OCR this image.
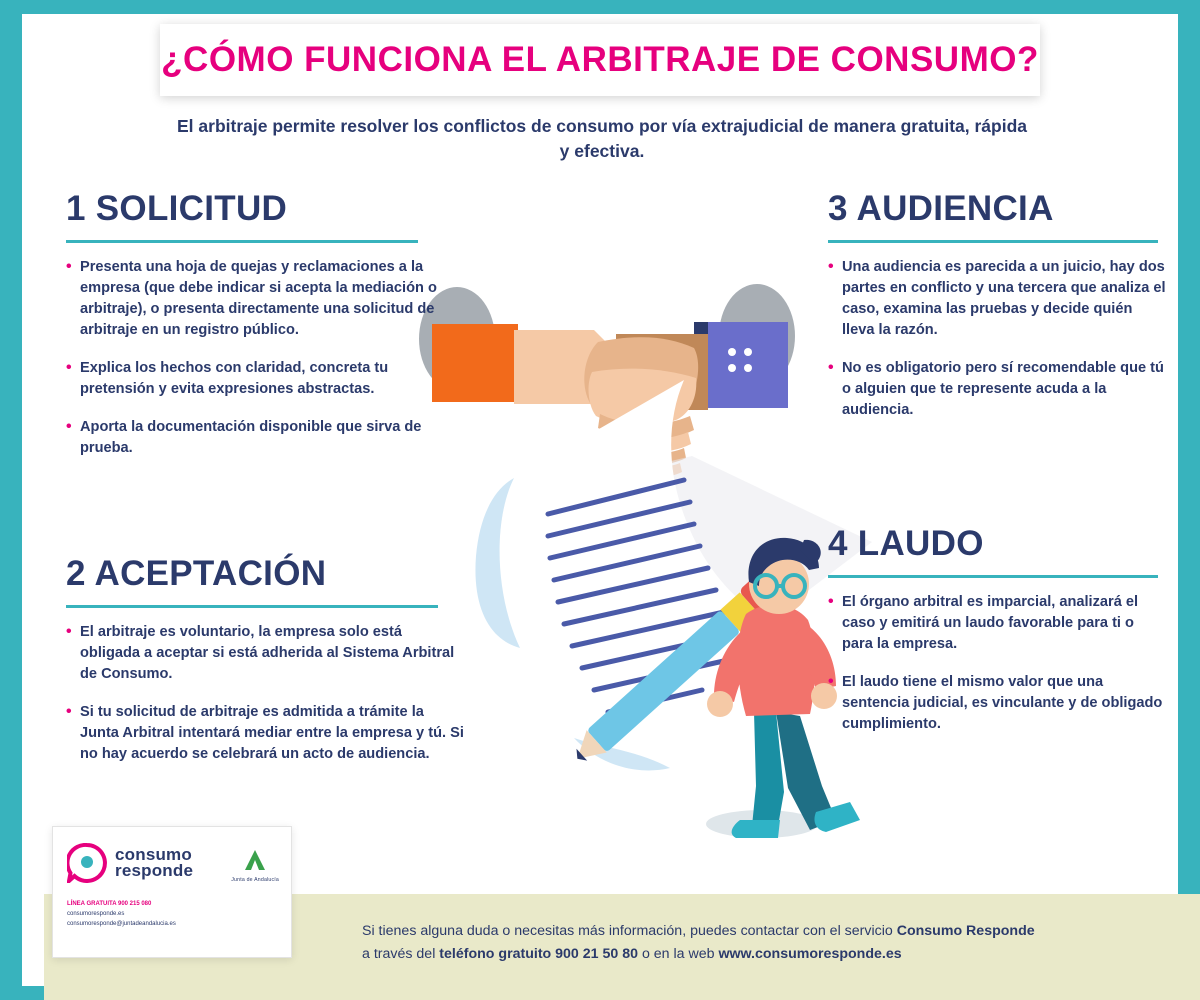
¿CÓMO FUNCIONA EL ARBITRAJE DE CONSUMO?
El arbitraje permite resolver los conflictos de consumo por vía extrajudicial de manera gratuita, rápida y efectiva.
1 SOLICITUD
• Presenta una hoja de quejas y reclamaciones a la empresa (que debe indicar si acepta la mediación o arbitraje), o presenta directamente una solicitud de arbitraje en un registro público.
• Explica los hechos con claridad, concreta tu pretensión y evita expresiones abstractas.
• Aporta la documentación disponible que sirva de prueba.
2 ACEPTACIÓN
• El arbitraje es voluntario, la empresa solo está obligada a aceptar si está adherida al Sistema Arbitral de Consumo.
• Si tu solicitud de arbitraje es admitida a trámite la Junta Arbitral intentará mediar entre la empresa y tú. Si no hay acuerdo se celebrará un acto de audiencia.
3 AUDIENCIA
• Una audiencia es parecida a un juicio, hay dos partes en conflicto y una tercera que analiza el caso, examina las pruebas y decide quién lleva la razón.
• No es obligatorio pero sí recomendable que tú o alguien que te represente acuda a la audiencia.
4 LAUDO
• El órgano arbitral es imparcial, analizará el caso y emitirá un laudo favorable para ti o para la empresa.
• El laudo tiene el mismo valor que una sentencia judicial, es vinculante y de obligado cumplimiento.
Si tienes alguna duda o necesitas más información, puedes contactar con el servicio Consumo Responde
a través del teléfono gratuito 900 21 50 80 o en la web www.consumoresponde.es
consumo
responde	Junta de Andalucía
LÍNEA GRATUITA 900 215 080
consumoresponde.es
consumoresponde@juntadeandalucia.es
